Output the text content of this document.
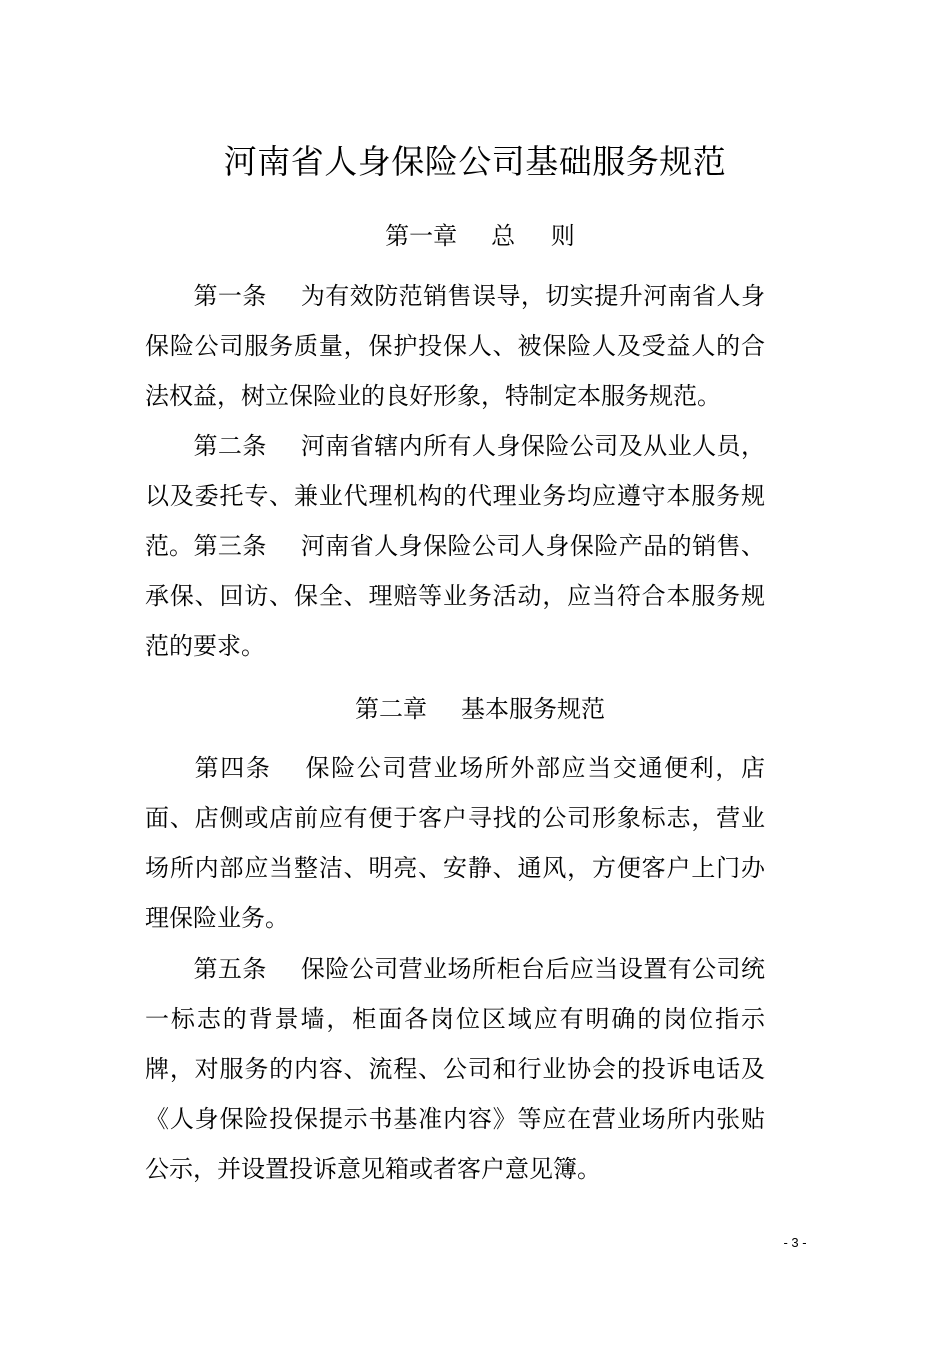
河南省人身保险公司基础服务规范
第一章 总 则
第一条 为有效防范销售误导，切实提升河南省人身保险公司服务质量，保护投保人、被保险人及受益人的合法权益，树立保险业的良好形象，特制定本服务规范。
第二条 河南省辖内所有人身保险公司及从业人员，以及委托专、兼业代理机构的代理业务均应遵守本服务规范。 第三条 河南省人身保险公司人身保险产品的销售、承保、回访、保全、理赔等业务活动，应当符合本服务规范的要求。
第二章 基本服务规范
第四条 保险公司营业场所外部应当交通便利，店面、店侧或店前应有便于客户寻找的公司形象标志，营业场所内部应当整洁、明亮、安静、通风，方便客户上门办理保险业务。
第五条 保险公司营业场所柜台后应当设置有公司统一标志的背景墙，柜面各岗位区域应有明确的岗位指示牌，对服务的内容、流程、公司和行业协会的投诉电话及《人身保险投保提示书基准内容》等应在营业场所内张贴公示，并设置投诉意见箱或者客户意见簿。
- 3 -
